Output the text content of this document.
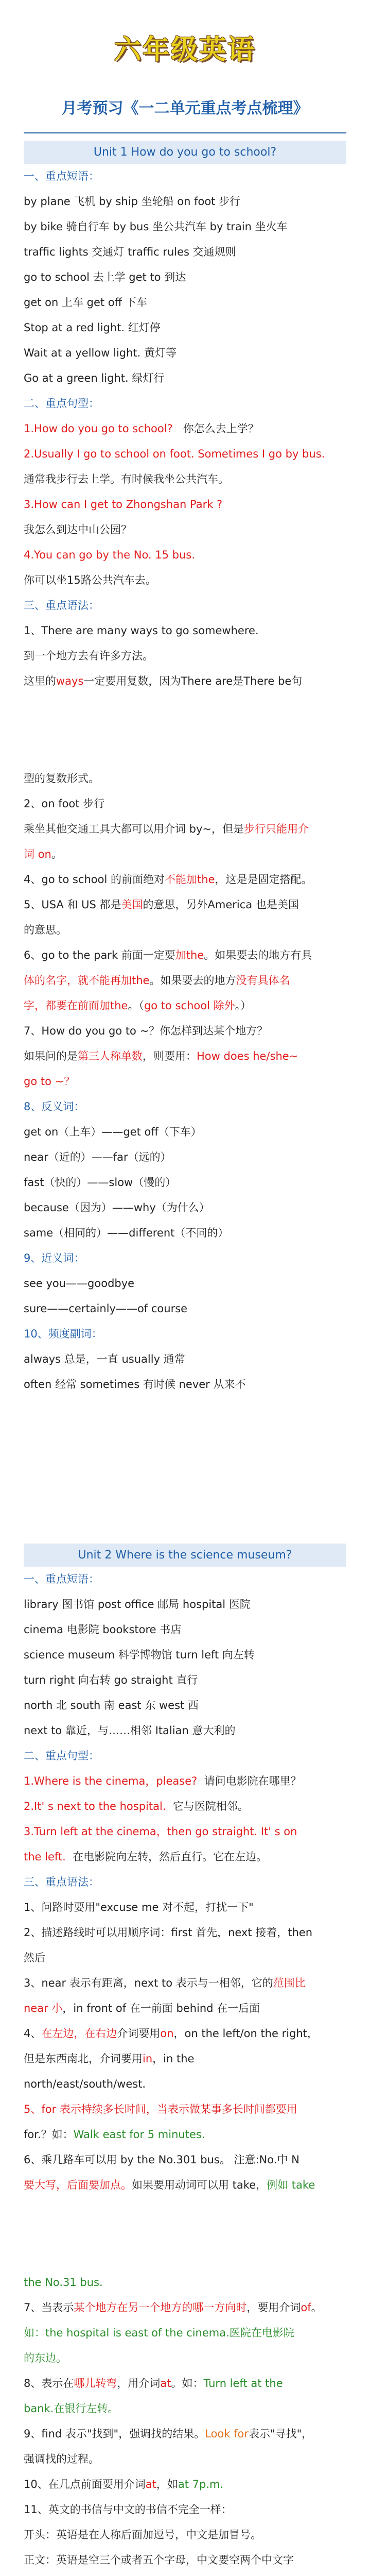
六年级英语
月考预习《一二单元重点考点梳理》
Unit 1 How do you go to school?
一、重点短语：
by plane 飞机 by ship 坐轮船 on foot 步行
by bike 骑自行车 by bus 坐公共汽车 by train 坐火车
traffic lights 交通灯 traffic rules 交通规则
go to school 去上学 get to 到达
get on 上车 get off 下车
Stop at a red light. 红灯停
Wait at a yellow light. 黄灯等
Go at a green light. 绿灯行
二、重点句型：
1.How do you go to school? 你怎么去上学？
2.Usually I go to school on foot. Sometimes I go by bus.
通常我步行去上学。有时候我坐公共汽车。
3.How can I get to Zhongshan Park ?
我怎么到达中山公园？
4.You can go by the No. 15 bus.
你可以坐15路公共汽车去。
三、重点语法：
1、There are many ways to go somewhere.
到一个地方去有许多方法。
这里的ways一定要用复数，因为There are是There be句
型的复数形式。
2、on foot 步行
乘坐其他交通工具大都可以用介词 by~，但是步行只能用介
词 on。
4、go to school 的前面绝对不能加the，这是是固定搭配。
5、USA 和 US 都是美国的意思，另外America 也是美国
的意思。
6、go to the park 前面一定要加the。如果要去的地方有具
体的名字，就不能再加the。如果要去的地方没有具体名
字，都要在前面加the。（go to school 除外。）
7、How do you go to ~？你怎样到达某个地方？
如果问的是第三人称单数，则要用：How does he/she~
go to ~？
8、反义词：
get on（上车）——get off（下车）
near（近的）——far（远的）
fast（快的）——slow（慢的）
because（因为）——why（为什么）
same（相同的）——different（不同的）
9、近义词：
see you——goodbye
sure——certainly——of course
10、频度副词：
always 总是，一直 usually 通常
often 经常 sometimes 有时候 never 从来不
Unit 2 Where is the science museum?
一、重点短语：
library 图书馆 post office 邮局 hospital 医院
cinema 电影院 bookstore 书店
science museum 科学博物馆 turn left 向左转
turn right 向右转 go straight 直行
north 北 south 南 east 东 west 西
next to 靠近，与……相邻 Italian 意大利的
二、重点句型：
1.Where is the cinema，please? 请问电影院在哪里？
2.It' s next to the hospital. 它与医院相邻。
3.Turn left at the cinema，then go straight. It' s on
the left. 在电影院向左转，然后直行。它在左边。
三、重点语法：
1、问路时要用"excuse me 对不起，打扰一下"
2、描述路线时可以用顺序词：first 首先，next 接着，then
然后
3、near 表示有距离，next to 表示与一相邻，它的范围比
near 小，in front of 在一前面 behind 在一后面
4、在左边，在右边介词要用on，on the left/on the right，
但是东西南北，介词要用in，in the
north/east/south/west.
5、for 表示持续多长时间，当表示做某事多长时间都要用
for.？如：Walk east for 5 minutes.
6、乘几路车可以用 by the No.301 bus。 注意:No.中 N
要大写，后面要加点。如果要用动词可以用 take，例如 take
the No.31 bus.
7、当表示某个地方在另一个地方的哪一方向时，要用介词of。
如：the hospital is east of the cinema.医院在电影院
的东边。
8、表示在哪儿转弯，用介词at。如：Turn left at the
bank.在银行左转。
9、find 表示"找到"，强调找的结果。Look for表示"寻找"，
强调找的过程。
10、在几点前面要用介词at，如at 7p.m.
11、英文的书信与中文的书信不完全一样：
开头：英语是在人称后面加逗号，中文是加冒号。
正文：英语是空三个或者五个字母，中文要空两个中文字
